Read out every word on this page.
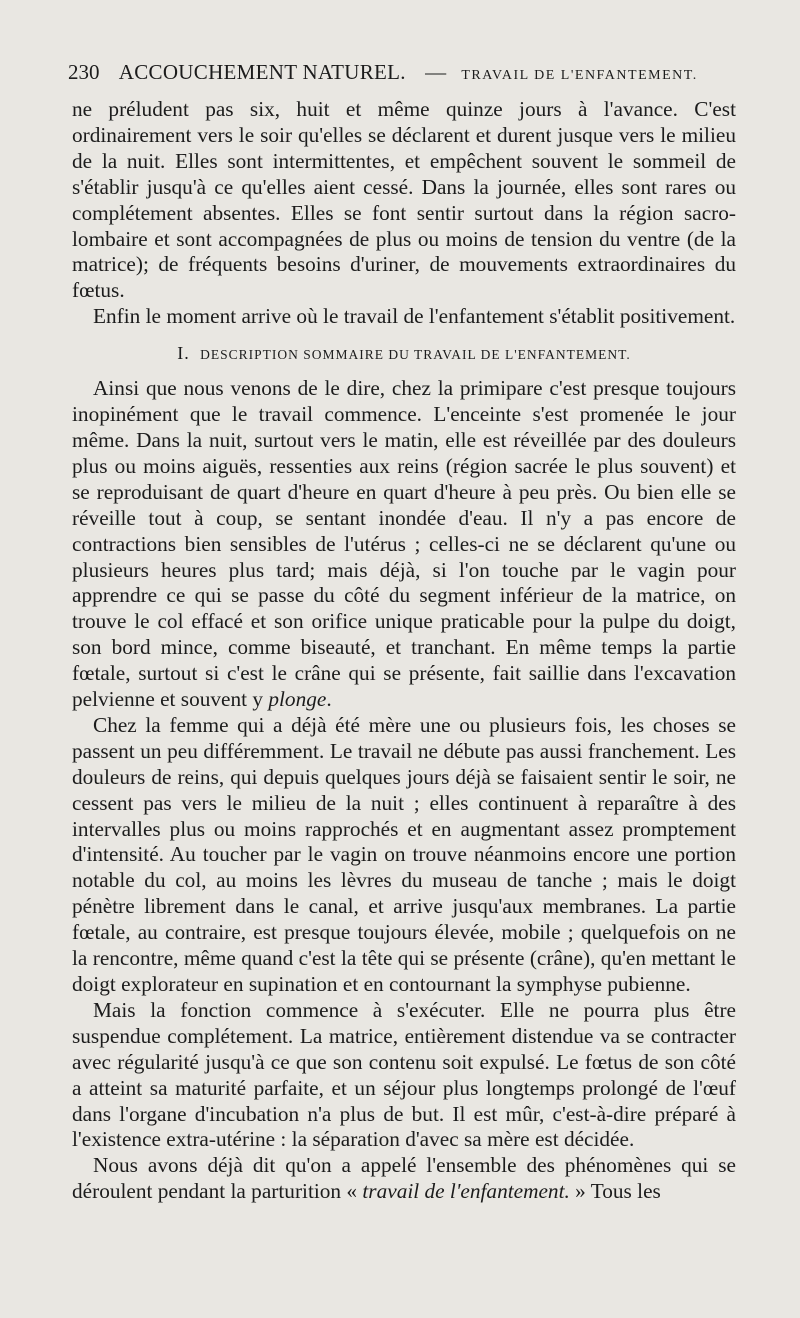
230 ACCOUCHEMENT NATUREL. — TRAVAIL DE L'ENFANTEMENT.

ne préludent pas six, huit et même quinze jours à l'avance. C'est ordinairement vers le soir qu'elles se déclarent et durent jusque vers le milieu de la nuit. Elles sont intermittentes, et empêchent souvent le sommeil de s'établir jusqu'à ce qu'elles aient cessé. Dans la journée, elles sont rares ou complétement absentes. Elles se font sentir surtout dans la région sacro-lombaire et sont accompagnées de plus ou moins de tension du ventre (de la matrice); de fréquents besoins d'uriner, de mouvements extraordinaires du fœtus.

Enfin le moment arrive où le travail de l'enfantement s'établit positivement.

I. DESCRIPTION SOMMAIRE DU TRAVAIL DE L'ENFANTEMENT.

Ainsi que nous venons de le dire, chez la primipare c'est presque toujours inopinément que le travail commence. L'enceinte s'est promenée le jour même. Dans la nuit, surtout vers le matin, elle est réveillée par des douleurs plus ou moins aiguës, ressenties aux reins (région sacrée le plus souvent) et se reproduisant de quart d'heure en quart d'heure à peu près. Ou bien elle se réveille tout à coup, se sentant inondée d'eau. Il n'y a pas encore de contractions bien sensibles de l'utérus ; celles-ci ne se déclarent qu'une ou plusieurs heures plus tard; mais déjà, si l'on touche par le vagin pour apprendre ce qui se passe du côté du segment inférieur de la matrice, on trouve le col effacé et son orifice unique praticable pour la pulpe du doigt, son bord mince, comme biseauté, et tranchant. En même temps la partie fœtale, surtout si c'est le crâne qui se présente, fait saillie dans l'excavation pelvienne et souvent y plonge.

Chez la femme qui a déjà été mère une ou plusieurs fois, les choses se passent un peu différemment. Le travail ne débute pas aussi franchement. Les douleurs de reins, qui depuis quelques jours déjà se faisaient sentir le soir, ne cessent pas vers le milieu de la nuit ; elles continuent à reparaître à des intervalles plus ou moins rapprochés et en augmentant assez promptement d'intensité. Au toucher par le vagin on trouve néanmoins encore une portion notable du col, au moins les lèvres du museau de tanche ; mais le doigt pénètre librement dans le canal, et arrive jusqu'aux membranes. La partie fœtale, au contraire, est presque toujours élevée, mobile ; quelquefois on ne la rencontre, même quand c'est la tête qui se présente (crâne), qu'en mettant le doigt explorateur en supination et en contournant la symphyse pubienne.

Mais la fonction commence à s'exécuter. Elle ne pourra plus être suspendue complétement. La matrice, entièrement distendue va se contracter avec régularité jusqu'à ce que son contenu soit expulsé. Le fœtus de son côté a atteint sa maturité parfaite, et un séjour plus longtemps prolongé de l'œuf dans l'organe d'incubation n'a plus de but. Il est mûr, c'est-à-dire préparé à l'existence extra-utérine : la séparation d'avec sa mère est décidée.

Nous avons déjà dit qu'on a appelé l'ensemble des phénomènes qui se déroulent pendant la parturition « travail de l'enfantement. » Tous les
